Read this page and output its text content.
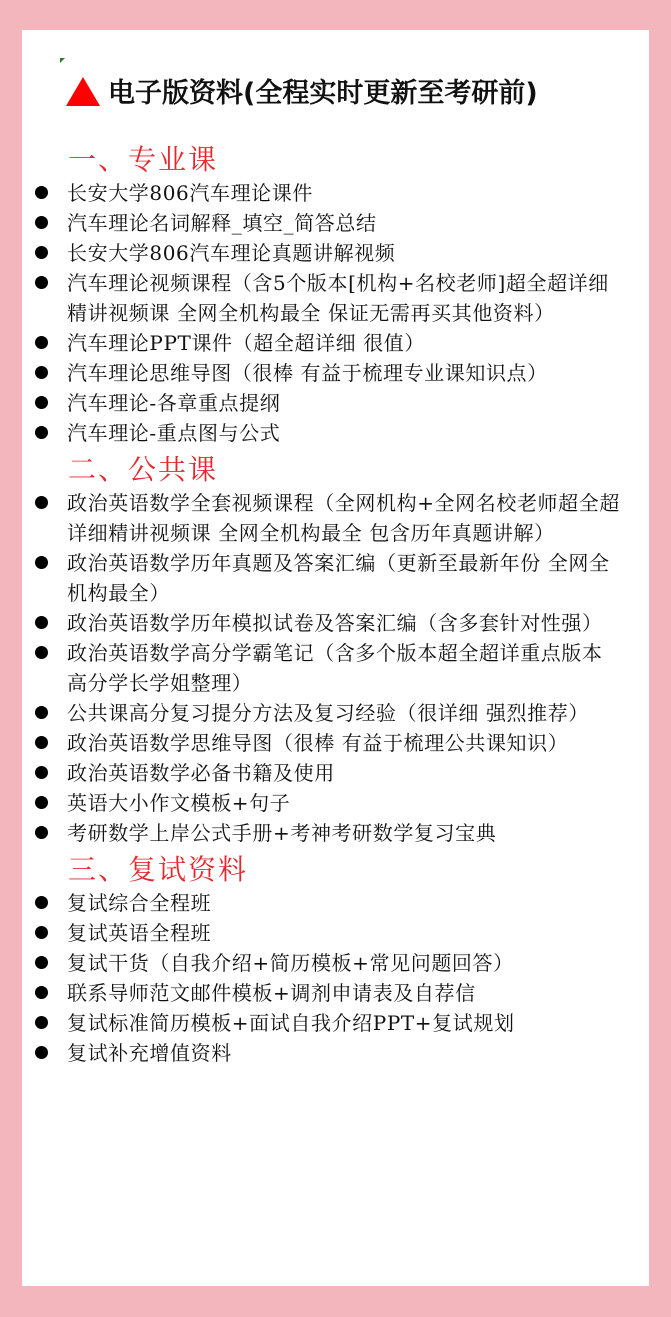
电子版资料(全程实时更新至考研前)
一、专业课
长安大学806汽车理论课件
汽车理论名词解释_填空_简答总结
长安大学806汽车理论真题讲解视频
汽车理论视频课程（含5个版本[机构+名校老师]超全超详细精讲视频课 全网全机构最全 保证无需再买其他资料）
汽车理论PPT课件（超全超详细 很值）
汽车理论思维导图（很棒 有益于梳理专业课知识点）
汽车理论-各章重点提纲
汽车理论-重点图与公式
二、公共课
政治英语数学全套视频课程（全网机构+全网名校老师超全超详细精讲视频课 全网全机构最全 包含历年真题讲解）
政治英语数学历年真题及答案汇编（更新至最新年份 全网全机构最全）
政治英语数学历年模拟试卷及答案汇编（含多套针对性强）
政治英语数学高分学霸笔记（含多个版本超全超详重点版本 高分学长学姐整理）
公共课高分复习提分方法及复习经验（很详细 强烈推荐）
政治英语数学思维导图（很棒 有益于梳理公共课知识）
政治英语数学必备书籍及使用
英语大小作文模板+句子
考研数学上岸公式手册+考神考研数学复习宝典
三、复试资料
复试综合全程班
复试英语全程班
复试干货（自我介绍+简历模板+常见问题回答）
联系导师范文邮件模板+调剂申请表及自荐信
复试标准简历模板+面试自我介绍PPT+复试规划
复试补充增值资料
